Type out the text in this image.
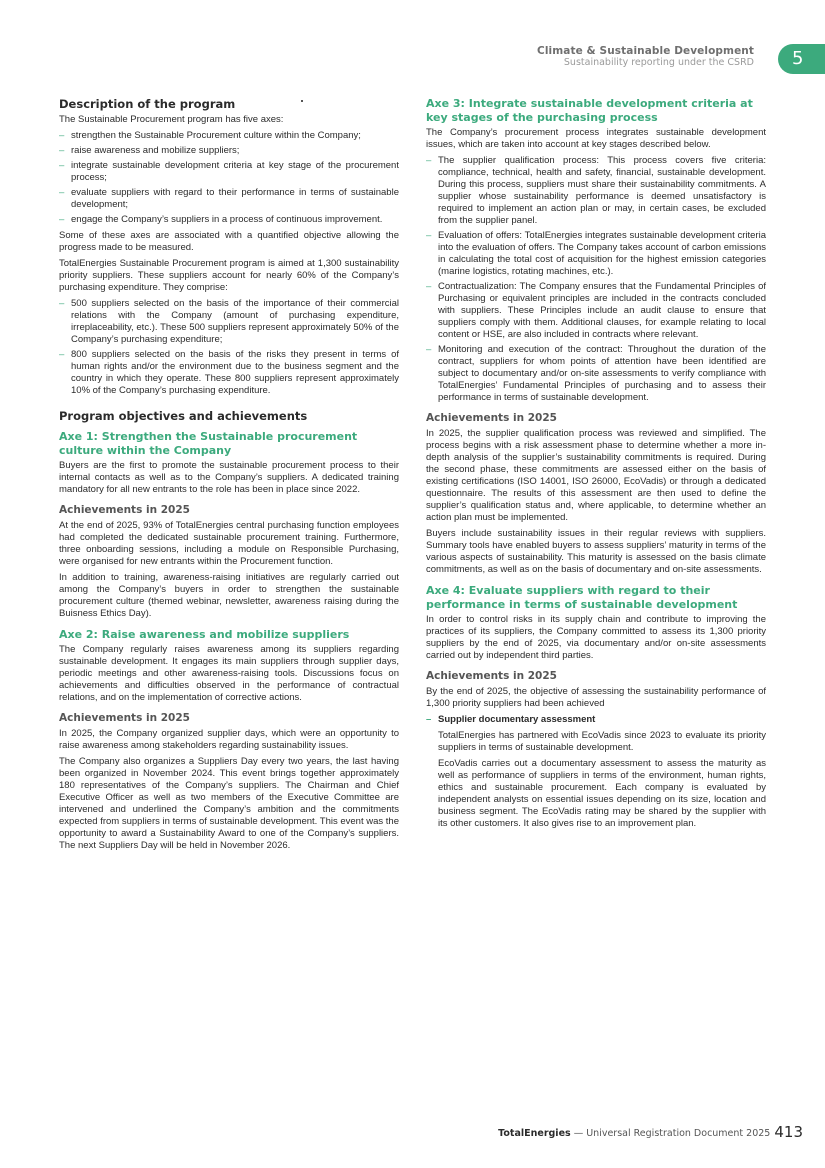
Climate & Sustainable Development
Sustainability reporting under the CSRD	5
Description of the program

The Sustainable Procurement program has five axes:

– strengthen the Sustainable Procurement culture within the Company;
– raise awareness and mobilize suppliers;
– integrate sustainable development criteria at key stage of the procurement process;
– evaluate suppliers with regard to their performance in terms of sustainable development;
– engage the Company’s suppliers in a process of continuous improvement.

Some of these axes are associated with a quantified objective allowing the progress made to be measured.

TotalEnergies Sustainable Procurement program is aimed at 1,300 sustainability priority suppliers. These suppliers account for nearly 60% of the Company’s purchasing expenditure. They comprise:

– 500 suppliers selected on the basis of the importance of their commercial relations with the Company (amount of purchasing expenditure, irreplaceability, etc.). These 500 suppliers represent approximately 50% of the Company’s purchasing expenditure;
– 800 suppliers selected on the basis of the risks they present in terms of human rights and/or the environment due to the business segment and the country in which they operate. These 800 suppliers represent approximately 10% of the Company’s purchasing expenditure.
Program objectives and achievements
Axe 1: Strengthen the Sustainable procurement culture within the Company

Buyers are the first to promote the sustainable procurement process to their internal contacts as well as to the Company’s suppliers. A dedicated training mandatory for all new entrants to the role has been in place since 2022.

Achievements in 2025

At the end of 2025, 93% of TotalEnergies central purchasing function employees had completed the dedicated sustainable procurement training. Furthermore, three onboarding sessions, including a module on Responsible Purchasing, were organised for new entrants within the Procurement function.

In addition to training, awareness-raising initiatives are regularly carried out among the Company’s buyers in order to strengthen the sustainable procurement culture (themed webinar, newsletter, awareness raising during the Buisness Ethics Day).

Axe 2: Raise awareness and mobilize suppliers

The Company regularly raises awareness among its suppliers regarding sustainable development. It engages its main suppliers through supplier days, periodic meetings and other awareness-raising tools. Discussions focus on achievements and difficulties observed in the performance of contractual relations, and on the implementation of corrective actions.

Achievements in 2025

In 2025, the Company organized supplier days, which were an opportunity to raise awareness among stakeholders regarding sustainability issues.

The Company also organizes a Suppliers Day every two years, the last having been organized in November 2024. This event brings together approximately 180 representatives of the Company’s suppliers. The Chairman and Chief Executive Officer as well as two members of the Executive Committee are intervened and underlined the Company’s ambition and the commitments expected from suppliers in terms of sustainable development. This event was the opportunity to award a Sustainability Award to one of the Company’s suppliers. The next Suppliers Day will be held in November 2026.

Axe 3: Integrate sustainable development criteria at key stages of the purchasing process

The Company’s procurement process integrates sustainable development issues, which are taken into account at key stages described below.

– The supplier qualification process: This process covers five criteria: compliance, technical, health and safety, financial, sustainable development. During this process, suppliers must share their sustainability commitments. A supplier whose sustainability performance is deemed unsatisfactory is required to implement an action plan or may, in certain cases, be excluded from the supplier panel.
– Evaluation of offers: TotalEnergies integrates sustainable development criteria into the evaluation of offers. The Company takes account of carbon emissions in calculating the total cost of acquisition for the highest emission categories (marine logistics, rotating machines, etc.).
– Contractualization: The Company ensures that the Fundamental Principles of Purchasing or equivalent principles are included in the contracts concluded with suppliers. These Principles include an audit clause to ensure that suppliers comply with them. Additional clauses, for example relating to local content or HSE, are also included in contracts where relevant.
– Monitoring and execution of the contract: Throughout the duration of the contract, suppliers for whom points of attention have been identified are subject to documentary and/or on-site assessments to verify compliance with TotalEnergies’ Fundamental Principles of purchasing and to assess their performance in terms of sustainable development.
Achievements in 2025

In 2025, the supplier qualification process was reviewed and simplified. The process begins with a risk assessment phase to determine whether a more in-depth analysis of the supplier’s sustainability commitments is required. During the second phase, these commitments are assessed either on the basis of existing certifications (ISO 14001, ISO 26000, EcoVadis) or through a dedicated questionnaire. The results of this assessment are then used to define the supplier’s qualification status and, where applicable, to determine whether an action plan must be implemented.

Buyers include sustainability issues in their regular reviews with suppliers. Summary tools have enabled buyers to assess suppliers’ maturity in terms of the various aspects of sustainability. This maturity is assessed on the basis climate commitments, as well as on the basis of documentary and on-site assessments.

Axe 4: Evaluate suppliers with regard to their performance in terms of sustainable development

In order to control risks in its supply chain and contribute to improving the practices of its suppliers, the Company committed to assess its 1,300 priority suppliers by the end of 2025, via documentary and/or on-site assessments carried out by independent third parties.

Achievements in 2025

By the end of 2025, the objective of assessing the sustainability performance of 1,300 priority suppliers had been achieved

– Supplier documentary assessment

TotalEnergies has partnered with EcoVadis since 2023 to evaluate its priority suppliers in terms of sustainable development.

EcoVadis carries out a documentary assessment to assess the maturity as well as performance of suppliers in terms of the environment, human rights, ethics and sustainable procurement. Each company is evaluated by independent analysts on essential issues depending on its size, location and business segment. The EcoVadis rating may be shared by the supplier with its other customers. It also gives rise to an improvement plan.

TotalEnergies — Universal Registration Document 2025 413
